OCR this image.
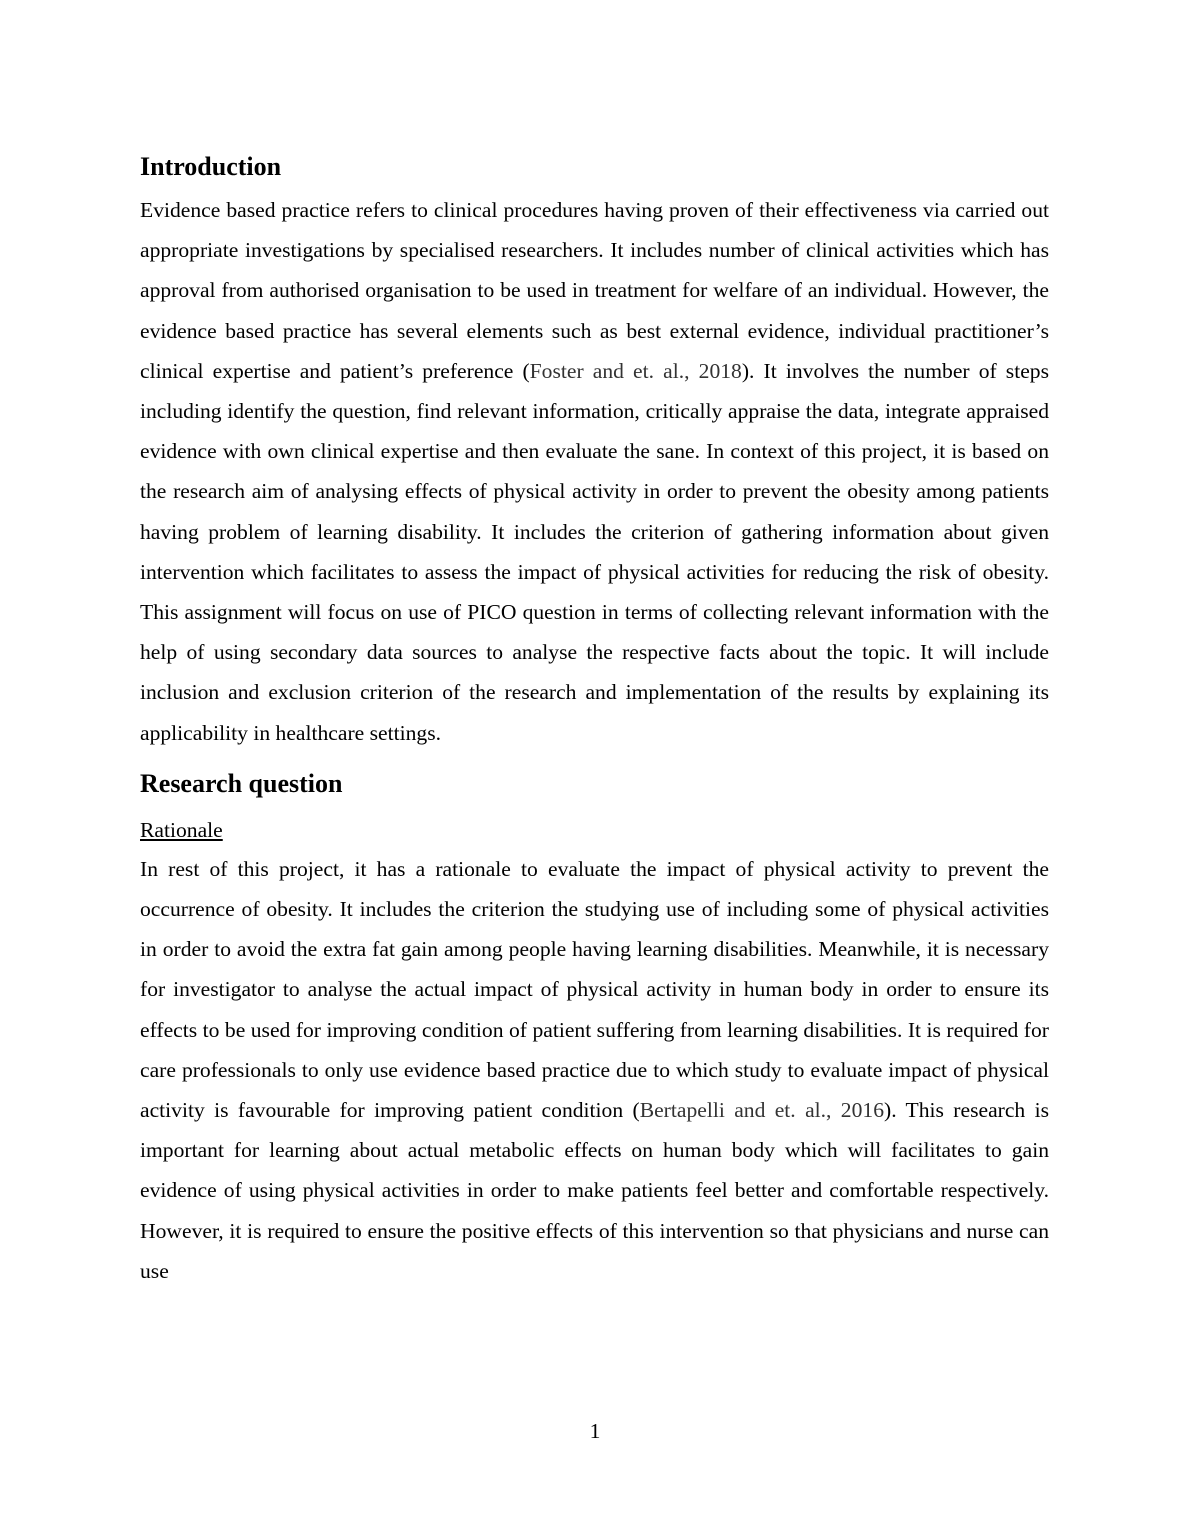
Introduction

Evidence based practice refers to clinical procedures having proven of their effectiveness via carried out appropriate investigations by specialised researchers. It includes number of clinical activities which has approval from authorised organisation to be used in treatment for welfare of an individual. However, the evidence based practice has several elements such as best external evidence, individual practitioner’s clinical expertise and patient’s preference (Foster and et. al., 2018). It involves the number of steps including identify the question, find relevant information, critically appraise the data, integrate appraised evidence with own clinical expertise and then evaluate the sane. In context of this project, it is based on the research aim of analysing effects of physical activity in order to prevent the obesity among patients having problem of learning disability. It includes the criterion of gathering information about given intervention which facilitates to assess the impact of physical activities for reducing the risk of obesity. This assignment will focus on use of PICO question in terms of collecting relevant information with the help of using secondary data sources to analyse the respective facts about the topic. It will include inclusion and exclusion criterion of the research and implementation of the results by explaining its applicability in healthcare settings.

Research question
Rationale

In rest of this project, it has a rationale to evaluate the impact of physical activity to prevent the occurrence of obesity. It includes the criterion the studying use of including some of physical activities in order to avoid the extra fat gain among people having learning disabilities. Meanwhile, it is necessary for investigator to analyse the actual impact of physical activity in human body in order to ensure its effects to be used for improving condition of patient suffering from learning disabilities. It is required for care professionals to only use evidence based practice due to which study to evaluate impact of physical activity is favourable for improving patient condition (Bertapelli and et. al., 2016). This research is important for learning about actual metabolic effects on human body which will facilitates to gain evidence of using physical activities in order to make patients feel better and comfortable respectively. However, it is required to ensure the positive effects of this intervention so that physicians and nurse can use

1
